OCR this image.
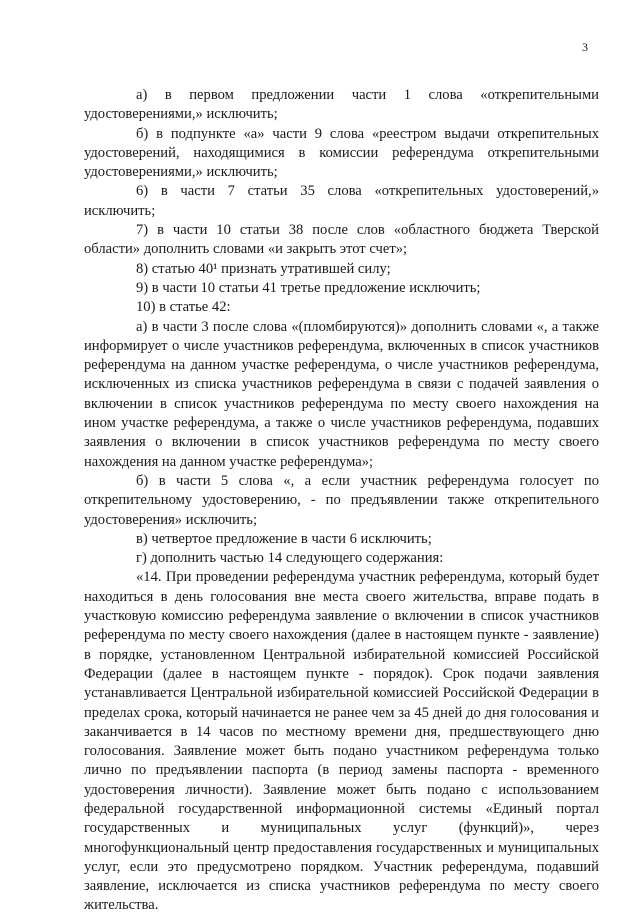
3

а) в первом предложении части 1 слова «открепительными удостоверениями,» исключить;

б) в подпункте «а» части 9 слова «реестром выдачи открепительных удостоверений, находящимися в комиссии референдума открепительными удостоверениями,» исключить;

6) в части 7 статьи 35 слова «открепительных удостоверений,» исключить;

7) в части 10 статьи 38 после слов «областного бюджета Тверской области» дополнить словами «и закрыть этот счет»;

8) статью 40¹ признать утратившей силу;

9) в части 10 статьи 41 третье предложение исключить;

10) в статье 42:

а) в части 3 после слова «(пломбируются)» дополнить словами «, а также информирует о числе участников референдума, включенных в список участников референдума на данном участке референдума, о числе участников референдума, исключенных из списка участников референдума в связи с подачей заявления о включении в список участников референдума по месту своего нахождения на ином участке референдума, а также о числе участников референдума, подавших заявления о включении в список участников референдума по месту своего нахождения на данном участке референдума»;

б) в части 5 слова «, а если участник референдума голосует по открепительному удостоверению, - по предъявлении также открепительного удостоверения» исключить;

в) четвертое предложение в части 6 исключить;

г) дополнить частью 14 следующего содержания:

«14. При проведении референдума участник референдума, который будет находиться в день голосования вне места своего жительства, вправе подать в участковую комиссию референдума заявление о включении в список участников референдума по месту своего нахождения (далее в настоящем пункте - заявление) в порядке, установленном Центральной избирательной комиссией Российской Федерации (далее в настоящем пункте - порядок). Срок подачи заявления устанавливается Центральной избирательной комиссией Российской Федерации в пределах срока, который начинается не ранее чем за 45 дней до дня голосования и заканчивается в 14 часов по местному времени дня, предшествующего дню голосования. Заявление может быть подано участником референдума только лично по предъявлении паспорта (в период замены паспорта - временного удостоверения личности). Заявление может быть подано с использованием федеральной государственной информационной системы «Единый портал государственных и муниципальных услуг (функций)», через многофункциональный центр предоставления государственных и муниципальных услуг, если это предусмотрено порядком. Участник референдума, подавший заявление, исключается из списка участников референдума по месту своего жительства.
